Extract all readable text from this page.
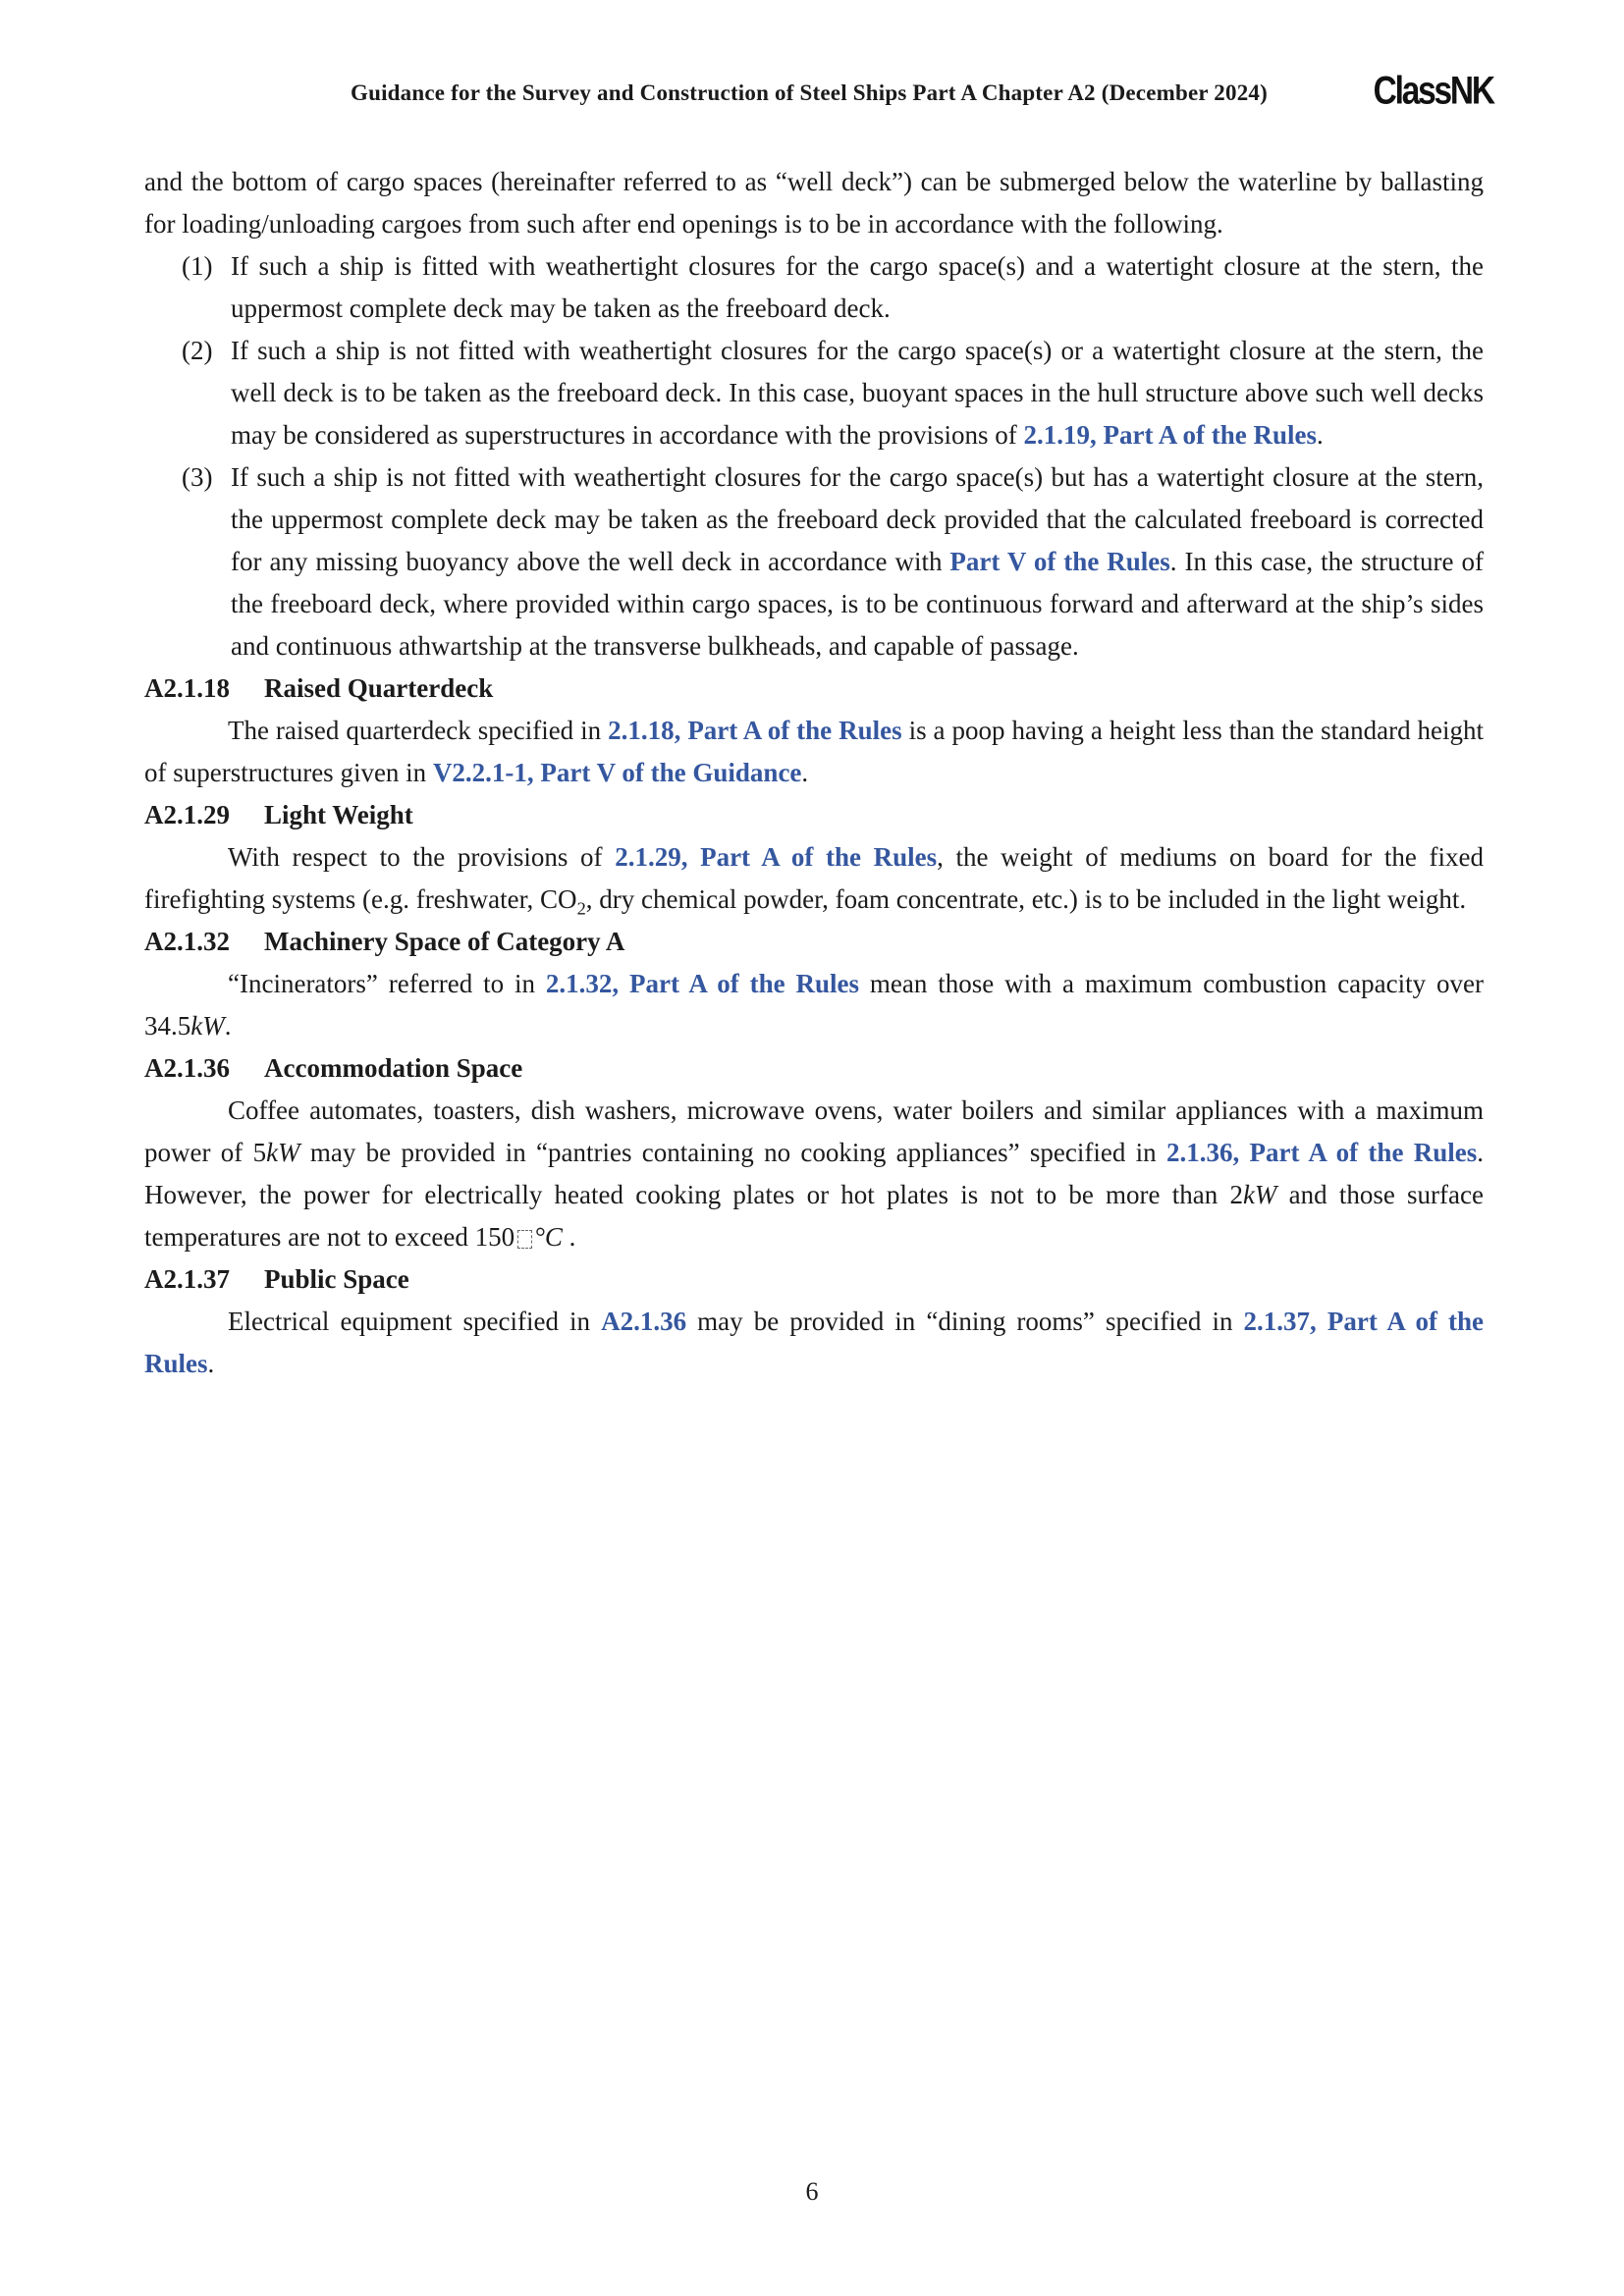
Guidance for the Survey and Construction of Steel Ships Part A Chapter A2 (December 2024)	ClassNK
and the bottom of cargo spaces (hereinafter referred to as “well deck”) can be submerged below the waterline by ballasting for loading/unloading cargoes from such after end openings is to be in accordance with the following.
(1) If such a ship is fitted with weathertight closures for the cargo space(s) and a watertight closure at the stern, the uppermost complete deck may be taken as the freeboard deck.
(2) If such a ship is not fitted with weathertight closures for the cargo space(s) or a watertight closure at the stern, the well deck is to be taken as the freeboard deck. In this case, buoyant spaces in the hull structure above such well decks may be considered as superstructures in accordance with the provisions of 2.1.19, Part A of the Rules.
(3) If such a ship is not fitted with weathertight closures for the cargo space(s) but has a watertight closure at the stern, the uppermost complete deck may be taken as the freeboard deck provided that the calculated freeboard is corrected for any missing buoyancy above the well deck in accordance with Part V of the Rules. In this case, the structure of the freeboard deck, where provided within cargo spaces, is to be continuous forward and afterward at the ship’s sides and continuous athwartship at the transverse bulkheads, and capable of passage.
A2.1.18 Raised Quarterdeck
The raised quarterdeck specified in 2.1.18, Part A of the Rules is a poop having a height less than the standard height of superstructures given in V2.2.1-1, Part V of the Guidance.
A2.1.29 Light Weight
With respect to the provisions of 2.1.29, Part A of the Rules, the weight of mediums on board for the fixed firefighting systems (e.g. freshwater, $CO_2$, dry chemical powder, foam concentrate, etc.) is to be included in the light weight.
A2.1.32 Machinery Space of Category A
“Incinerators” referred to in 2.1.32, Part A of the Rules mean those with a maximum combustion capacity over 34.5kW.
A2.1.36 Accommodation Space
Coffee automates, toasters, dish washers, microwave ovens, water boilers and similar appliances with a maximum power of 5kW may be provided in “pantries containing no cooking appliances” specified in 2.1.36, Part A of the Rules. However, the power for electrically heated cooking plates or hot plates is not to be more than 2kW and those surface temperatures are not to exceed 150 °C .
A2.1.37 Public Space
Electrical equipment specified in A2.1.36 may be provided in “dining rooms” specified in 2.1.37, Part A of the Rules.
6
